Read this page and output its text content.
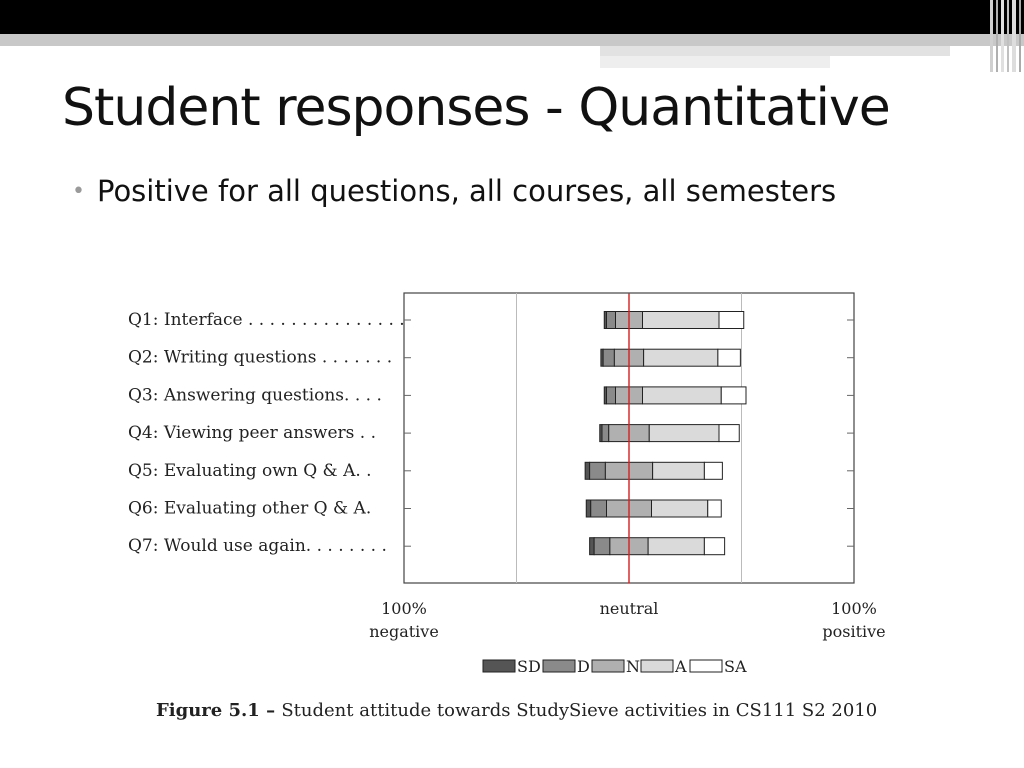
Student responses - Quantitative
• Positive for all questions, all courses, all semesters
Q1: Interface . . . . . . . . . . . . . . .
Q2: Writing questions . . . . . . .
Q3: Answering questions. . . .
Q4: Viewing peer answers . .
Q5: Evaluating own Q & A. .
Q6: Evaluating other Q & A.
Q7: Would use again. . . . . . . .
100%
negative
neutral	100%
positive
SD D N A SA
Figure 5.1 – Student attitude towards StudySieve activities in CS111 S2 2010
